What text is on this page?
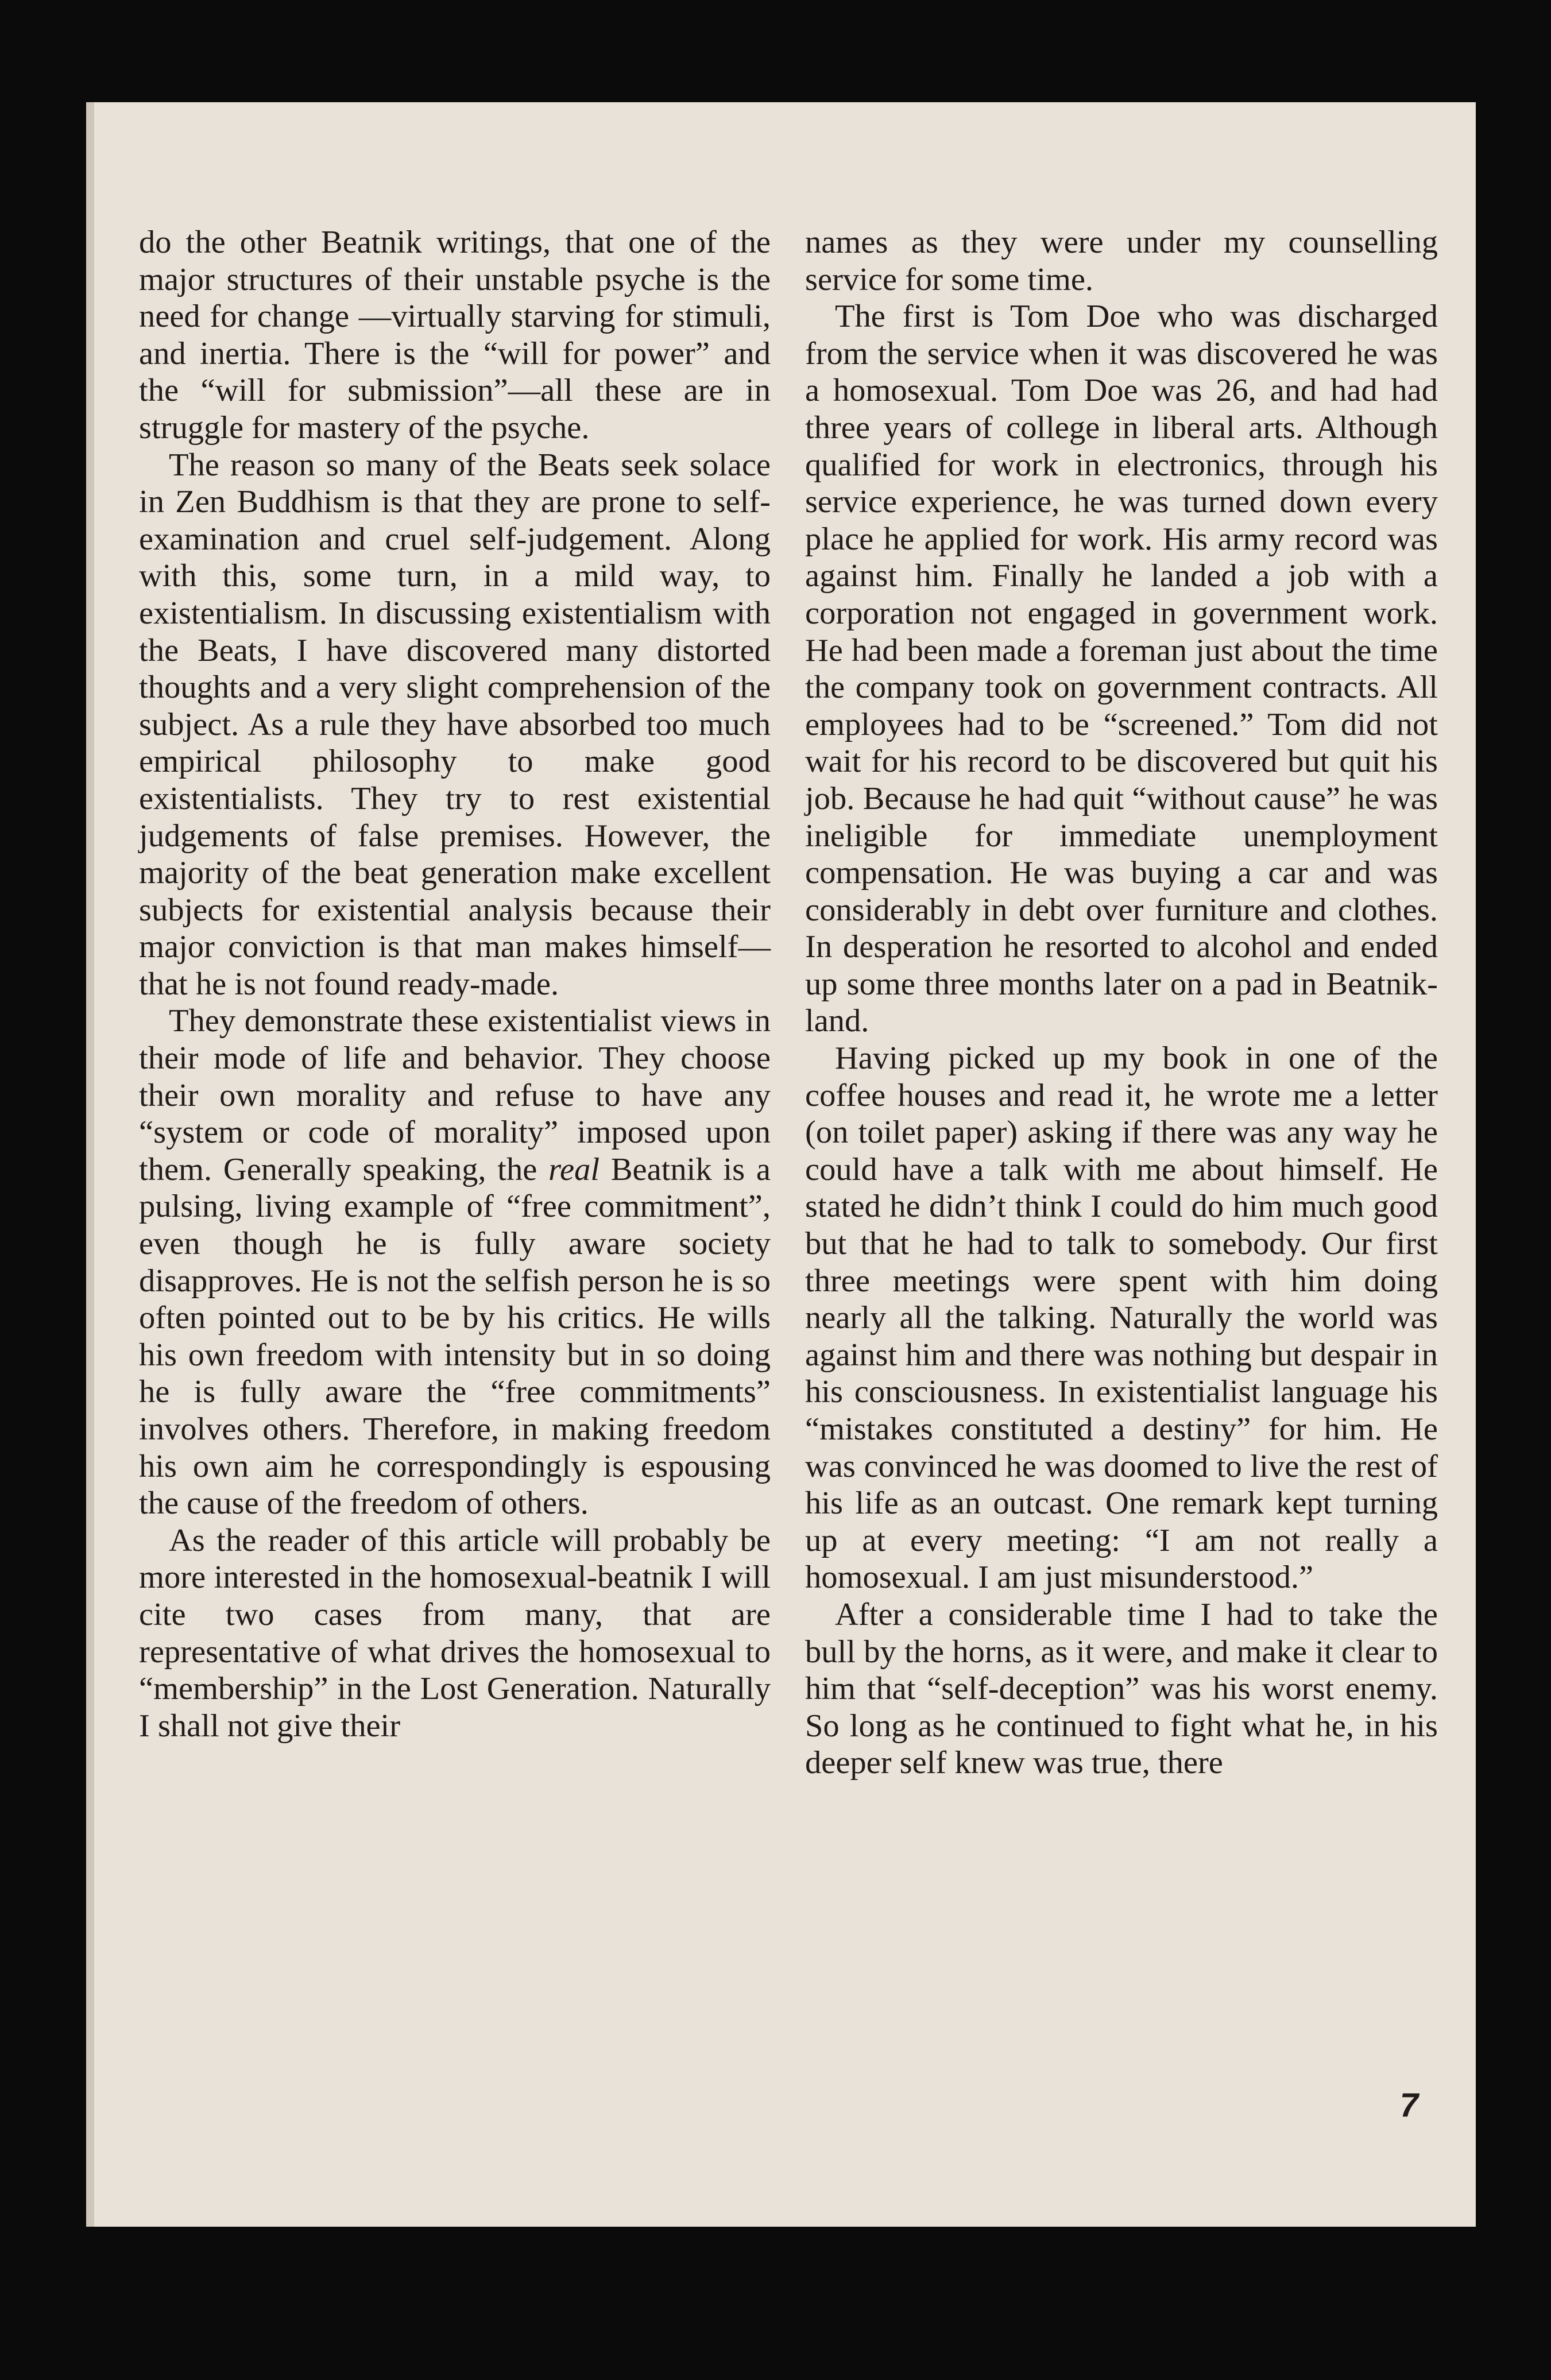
do the other Beatnik writings, that one of the major structures of their unstable psyche is the need for change —virtually starving for stimuli, and inertia. There is the “will for power” and the “will for submission”—all these are in struggle for mastery of the psyche.

The reason so many of the Beats seek solace in Zen Buddhism is that they are prone to self-examination and cruel self-judgement. Along with this, some turn, in a mild way, to existentialism. In discussing existentialism with the Beats, I have discovered many distorted thoughts and a very slight comprehension of the subject. As a rule they have absorbed too much empirical philosophy to make good existentialists. They try to rest existential judgements of false premises. However, the majority of the beat generation make excellent subjects for existential analysis because their major conviction is that man makes himself—that he is not found ready-made.

They demonstrate these existentialist views in their mode of life and behavior. They choose their own morality and refuse to have any “system or code of morality” imposed upon them. Generally speaking, the real Beatnik is a pulsing, living example of “free commitment”, even though he is fully aware society disapproves. He is not the selfish person he is so often pointed out to be by his critics. He wills his own freedom with intensity but in so doing he is fully aware the “free commitments” involves others. Therefore, in making freedom his own aim he correspondingly is espousing the cause of the freedom of others.

As the reader of this article will probably be more interested in the homosexual-beatnik I will cite two cases from many, that are representative of what drives the homosexual to “membership” in the Lost Generation. Naturally I shall not give their

names as they were under my counselling service for some time.

The first is Tom Doe who was discharged from the service when it was discovered he was a homosexual. Tom Doe was 26, and had had three years of college in liberal arts. Although qualified for work in electronics, through his service experience, he was turned down every place he applied for work. His army record was against him. Finally he landed a job with a corporation not engaged in government work. He had been made a foreman just about the time the company took on government contracts. All employees had to be “screened.” Tom did not wait for his record to be discovered but quit his job. Because he had quit “without cause” he was ineligible for immediate unemployment compensation. He was buying a car and was considerably in debt over furniture and clothes. In desperation he resorted to alcohol and ended up some three months later on a pad in Beatnik-land.

Having picked up my book in one of the coffee houses and read it, he wrote me a letter (on toilet paper) asking if there was any way he could have a talk with me about himself. He stated he didn’t think I could do him much good but that he had to talk to somebody. Our first three meetings were spent with him doing nearly all the talking. Naturally the world was against him and there was nothing but despair in his consciousness. In existentialist language his “mistakes constituted a destiny” for him. He was convinced he was doomed to live the rest of his life as an outcast. One remark kept turning up at every meeting: “I am not really a homosexual. I am just misunderstood.”

After a considerable time I had to take the bull by the horns, as it were, and make it clear to him that “self-deception” was his worst enemy. So long as he continued to fight what he, in his deeper self knew was true, there

7
